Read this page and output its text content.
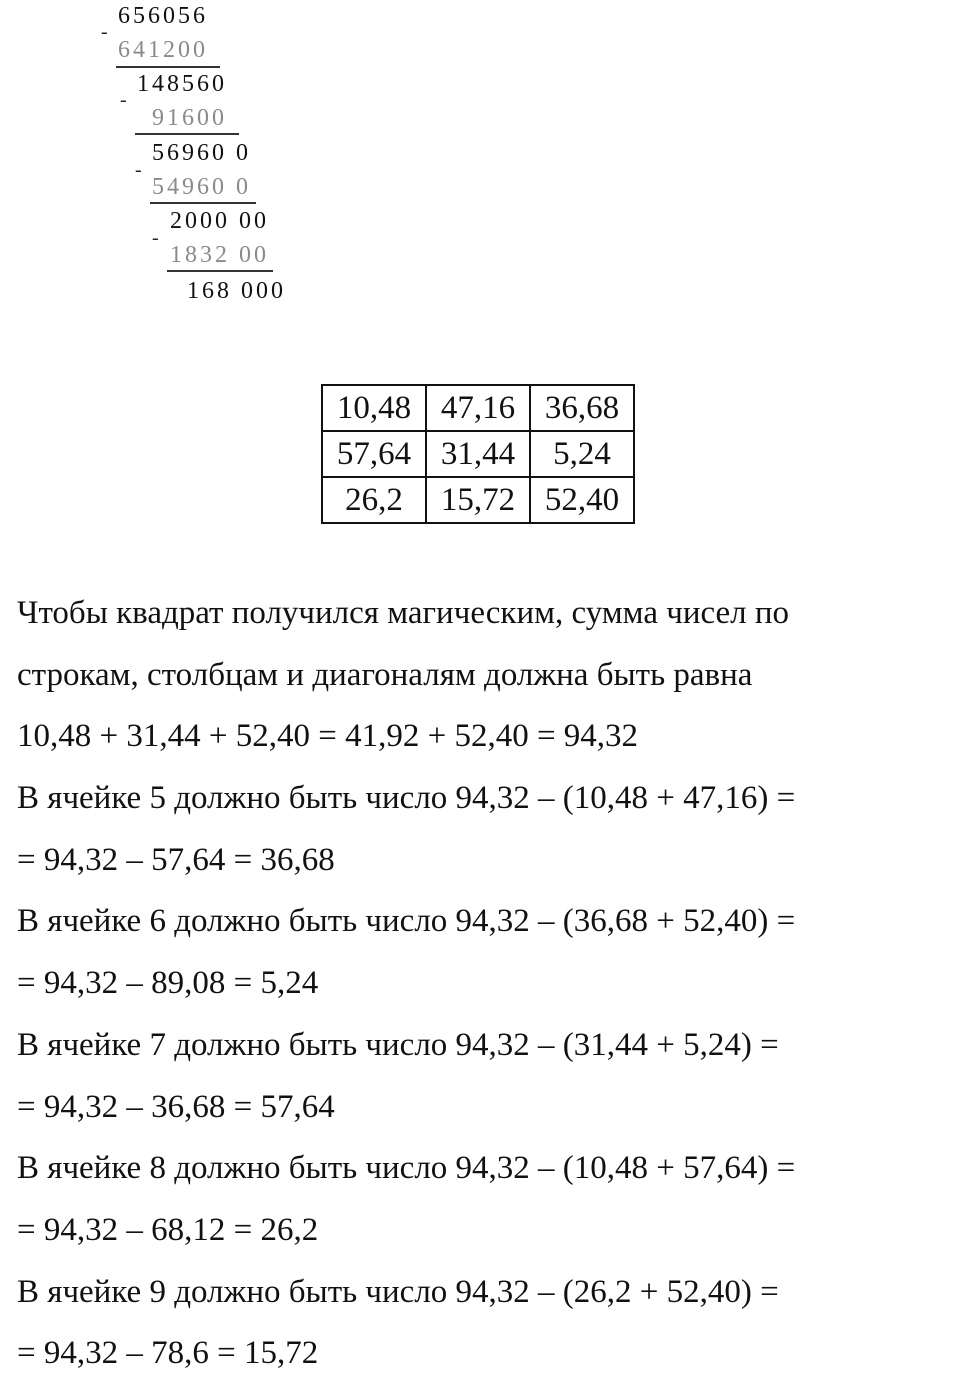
656056
-
641200
148560
-
91600
56960 0
-
54960 0
2000 00
-
1832 00
168 000
10,48	47,16	36,68
57,64	31,44	5,24
26,2	15,72	52,40
Чтобы квадрат получился магическим, сумма чисел по
строкам, столбцам и диагоналям должна быть равна
10,48 + 31,44 + 52,40 = 41,92 + 52,40 = 94,32
В ячейке 5 должно быть число 94,32 – (10,48 + 47,16) =
= 94,32 – 57,64 = 36,68
В ячейке 6 должно быть число 94,32 – (36,68 + 52,40) =
= 94,32 – 89,08 = 5,24
В ячейке 7 должно быть число 94,32 – (31,44 + 5,24) =
= 94,32 – 36,68 = 57,64
В ячейке 8 должно быть число 94,32 – (10,48 + 57,64) =
= 94,32 – 68,12 = 26,2
В ячейке 9 должно быть число 94,32 – (26,2 + 52,40) =
= 94,32 – 78,6 = 15,72
